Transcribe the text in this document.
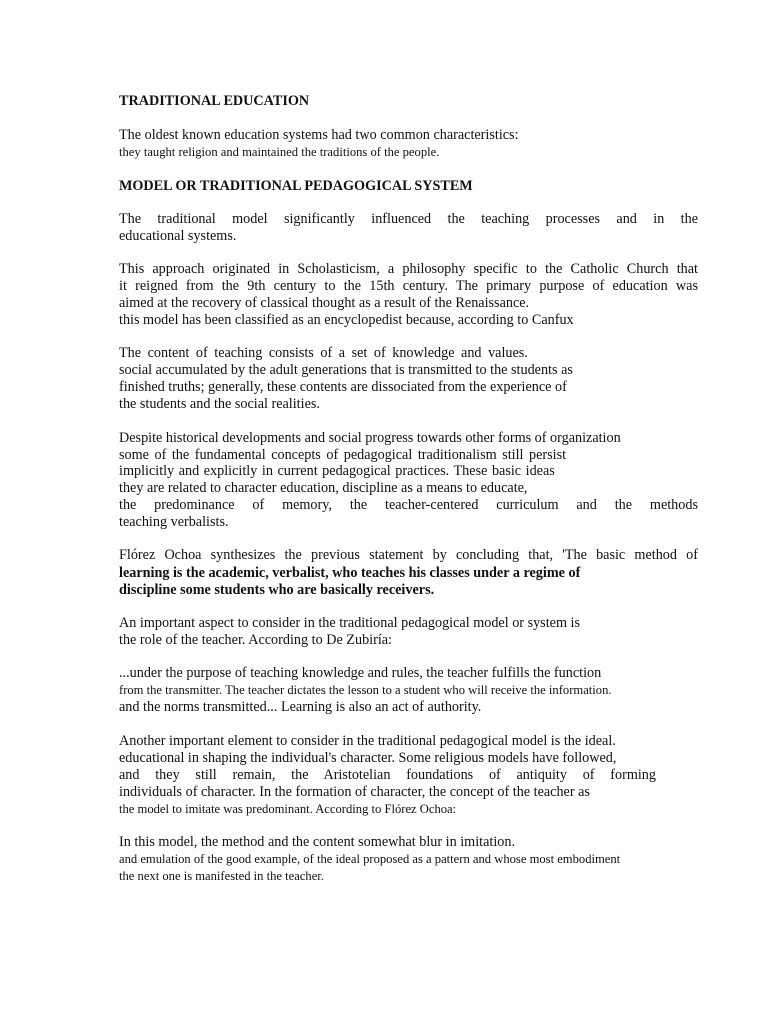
TRADITIONAL EDUCATION

The oldest known education systems had two common characteristics:

they taught religion and maintained the traditions of the people.

MODEL OR TRADITIONAL PEDAGOGICAL SYSTEM

The traditional model significantly influenced the teaching processes and in the

educational systems.

This approach originated in Scholasticism, a philosophy specific to the Catholic Church that

it reigned from the 9th century to the 15th century. The primary purpose of education was

aimed at the recovery of classical thought as a result of the Renaissance.

this model has been classified as an encyclopedist because, according to Canfux

The content of teaching consists of a set of knowledge and values.

social accumulated by the adult generations that is transmitted to the students as

finished truths; generally, these contents are dissociated from the experience of

the students and the social realities.

Despite historical developments and social progress towards other forms of organization

some of the fundamental concepts of pedagogical traditionalism still persist

implicitly and explicitly in current pedagogical practices. These basic ideas

they are related to character education, discipline as a means to educate,

the predominance of memory, the teacher-centered curriculum and the methods

teaching verbalists.

Flórez Ochoa synthesizes the previous statement by concluding that, 'The basic method of

learning is the academic, verbalist, who teaches his classes under a regime of

discipline some students who are basically receivers.

An important aspect to consider in the traditional pedagogical model or system is

the role of the teacher. According to De Zubiría:

...under the purpose of teaching knowledge and rules, the teacher fulfills the function

from the transmitter. The teacher dictates the lesson to a student who will receive the information.

and the norms transmitted... Learning is also an act of authority.

Another important element to consider in the traditional pedagogical model is the ideal.

educational in shaping the individual's character. Some religious models have followed,

and they still remain, the Aristotelian foundations of antiquity of forming

individuals of character. In the formation of character, the concept of the teacher as

the model to imitate was predominant. According to Flórez Ochoa:

In this model, the method and the content somewhat blur in imitation.

and emulation of the good example, of the ideal proposed as a pattern and whose most embodiment

the next one is manifested in the teacher.
